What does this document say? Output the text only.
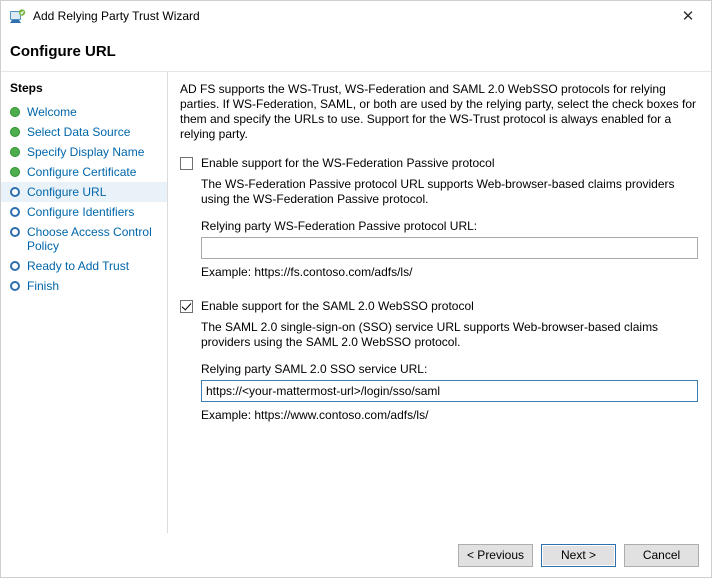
Add Relying Party Trust Wizard	✕
Configure URL
Steps
Welcome
Select Data Source
Specify Display Name
Configure Certificate
Configure URL
Configure Identifiers
Choose Access Control Policy
Ready to Add Trust
Finish

AD FS supports the WS-Trust, WS-Federation and SAML 2.0 WebSSO protocols for relying parties. If WS-Federation, SAML, or both are used by the relying party, select the check boxes for them and specify the URLs to use. Support for the WS-Trust protocol is always enabled for a relying party.

Enable support for the WS-Federation Passive protocol

The WS-Federation Passive protocol URL supports Web-browser-based claims providers using the WS-Federation Passive protocol.

Relying party WS-Federation Passive protocol URL:
Example: https://fs.contoso.com/adfs/ls/
Enable support for the SAML 2.0 WebSSO protocol

The SAML 2.0 single-sign-on (SSO) service URL supports Web-browser-based claims providers using the SAML 2.0 WebSSO protocol.

Relying party SAML 2.0 SSO service URL:
https://<your-mattermost-url>/login/sso/saml
Example: https://www.contoso.com/adfs/ls/
< Previous	Next >	Cancel
